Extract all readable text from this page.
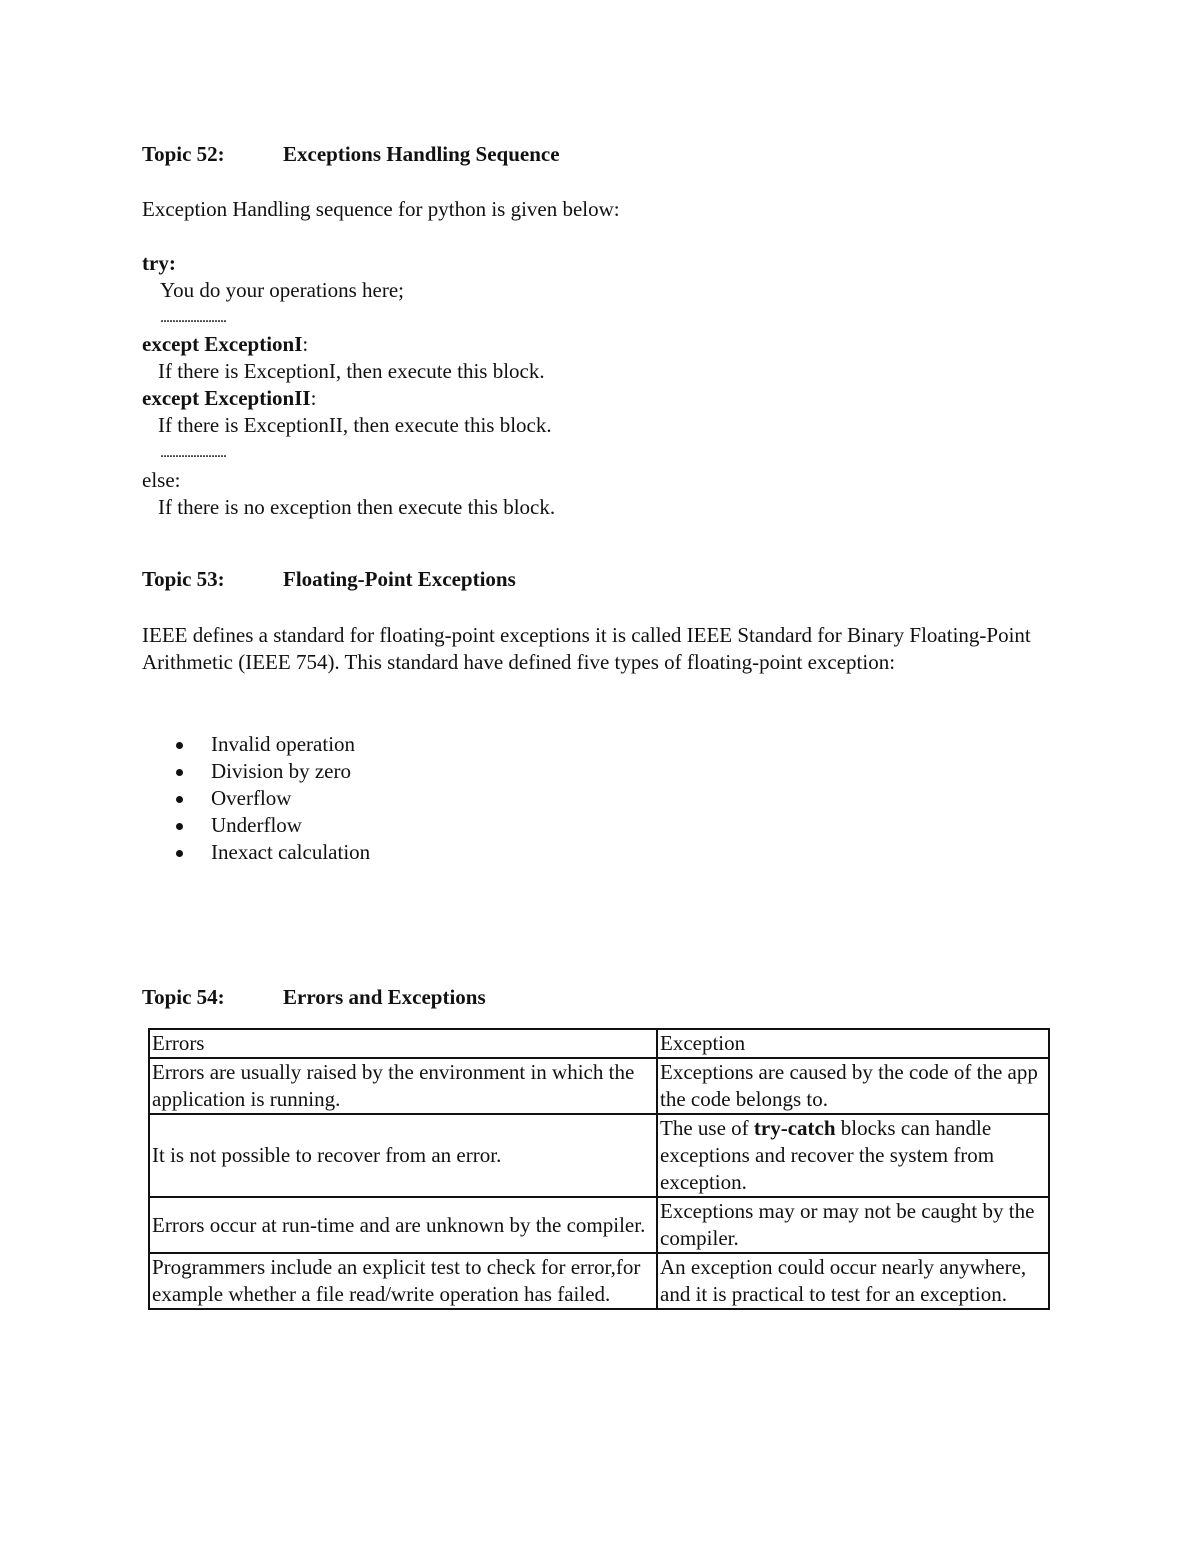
Topic 52:	Exceptions Handling Sequence
Exception Handling sequence for python is given below:
try:
You do your operations here;
......................
except ExceptionI:
If there is ExceptionI, then execute this block.
except ExceptionII:
If there is ExceptionII, then execute this block.
......................
else:
If there is no exception then execute this block.
Topic 53:	Floating-Point Exceptions
IEEE defines a standard for floating-point exceptions it is called IEEE Standard for Binary Floating-Point Arithmetic (IEEE 754). This standard have defined five types of floating-point exception:
Invalid operation
Division by zero
Overflow
Underflow
Inexact calculation
Topic 54:	Errors and Exceptions
Errors	Exception
Errors are usually raised by the environment in which the application is running.	Exceptions are caused by the code of the app the code belongs to.
It is not possible to recover from an error.	The use of try-catch blocks can handle exceptions and recover the system from exception.
Errors occur at run-time and are unknown by the compiler.	Exceptions may or may not be caught by the compiler.
Programmers include an explicit test to check for error,for example whether a file read/write operation has failed.	An exception could occur nearly anywhere, and it is practical to test for an exception.
